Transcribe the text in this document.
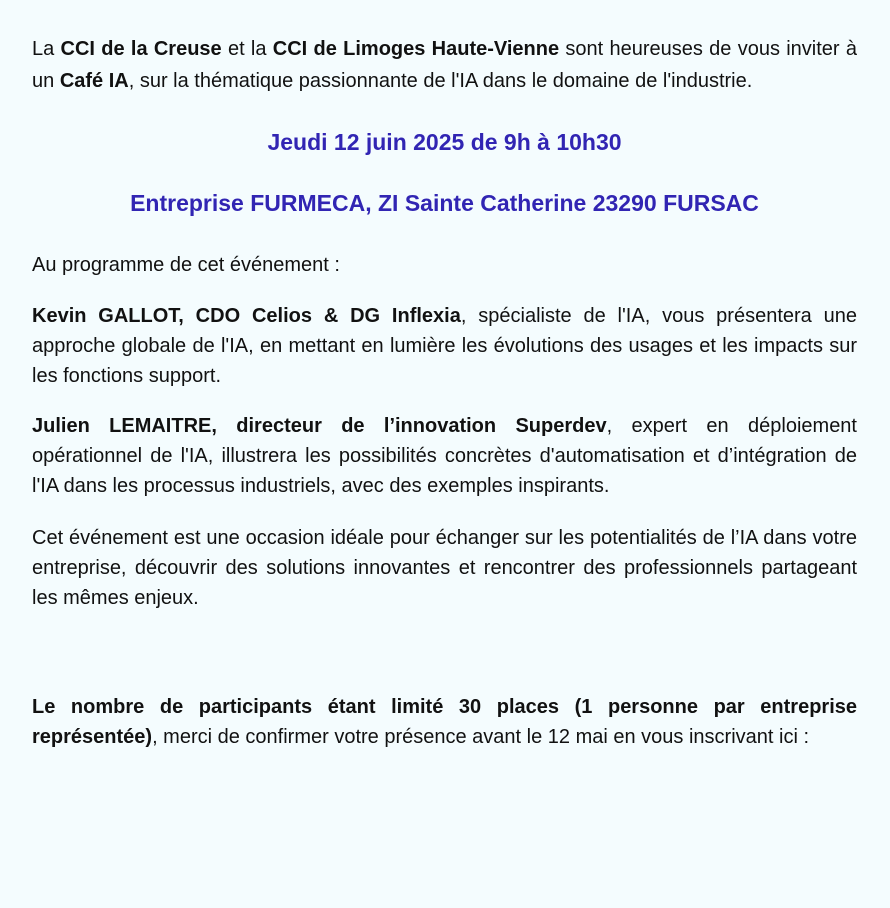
La CCI de la Creuse et la CCI de Limoges Haute-Vienne sont heureuses de vous inviter à un Café IA, sur la thématique passionnante de l'IA dans le domaine de l'industrie.

Jeudi 12 juin 2025 de 9h à 10h30

Entreprise FURMECA, ZI Sainte Catherine 23290 FURSAC

Au programme de cet événement :

Kevin GALLOT, CDO Celios & DG Inflexia, spécialiste de l'IA, vous présentera une approche globale de l'IA, en mettant en lumière les évolutions des usages et les impacts sur les fonctions support.

Julien LEMAITRE, directeur de l’innovation Superdev, expert en déploiement opérationnel de l'IA, illustrera les possibilités concrètes d'automatisation et d’intégration de l'IA dans les processus industriels, avec des exemples inspirants.

Cet événement est une occasion idéale pour échanger sur les potentialités de l’IA dans votre entreprise, découvrir des solutions innovantes et rencontrer des professionnels partageant les mêmes enjeux.

Le nombre de participants étant limité 30 places (1 personne par entreprise représentée), merci de confirmer votre présence avant le 12 mai en vous inscrivant ici :
